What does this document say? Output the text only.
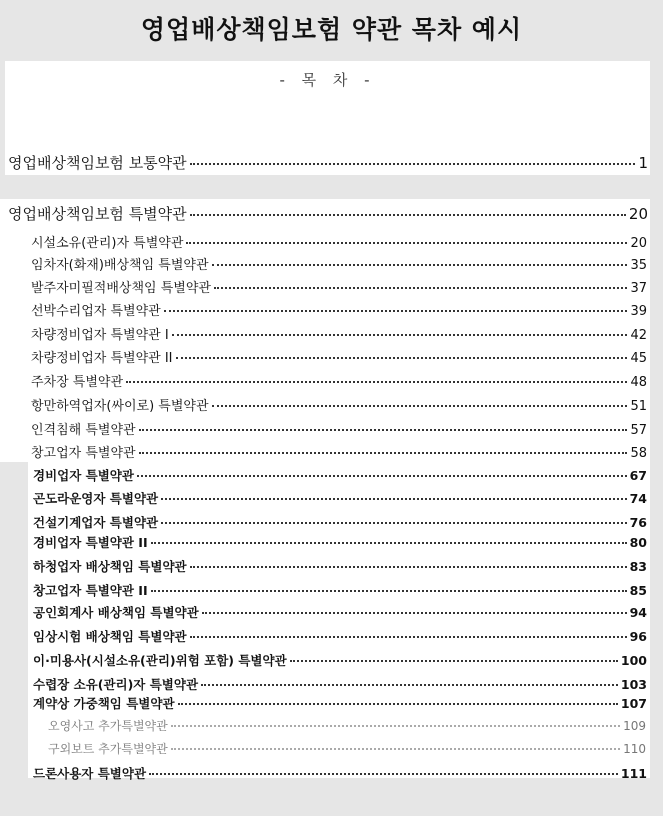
영업배상책임보험 약관 목차 예시
- 목 차 -
영업배상책임보험 보통약관	1
영업배상책임보험 특별약관	20
시설소유(관리)자 특별약관	20
임차자(화재)배상책임 특별약관	35
발주자미필적배상책임 특별약관	37
선박수리업자 특별약관	39
차량정비업자 특별약관 I	42
차량정비업자 특별약관 II	45
주차장 특별약관	48
항만하역업자(싸이로) 특별약관	51
인격침해 특별약관	57
창고업자 특별약관	58
경비업자 특별약관	67
곤도라운영자 특별약관	74
건설기계업자 특별약관	76
경비업자 특별약관 II	80
하청업자 배상책임 특별약관	83
창고업자 특별약관 II	85
공인회계사 배상책임 특별약관	94
임상시험 배상책임 특별약관	96
이·미용사(시설소유(관리)위험 포함) 특별약관	100
수렵장 소유(관리)자 특별약관	103
계약상 가중책임 특별약관	107
오영사고 추가특별약관	109
구외보트 추가특별약관	110
드론사용자 특별약관	111
